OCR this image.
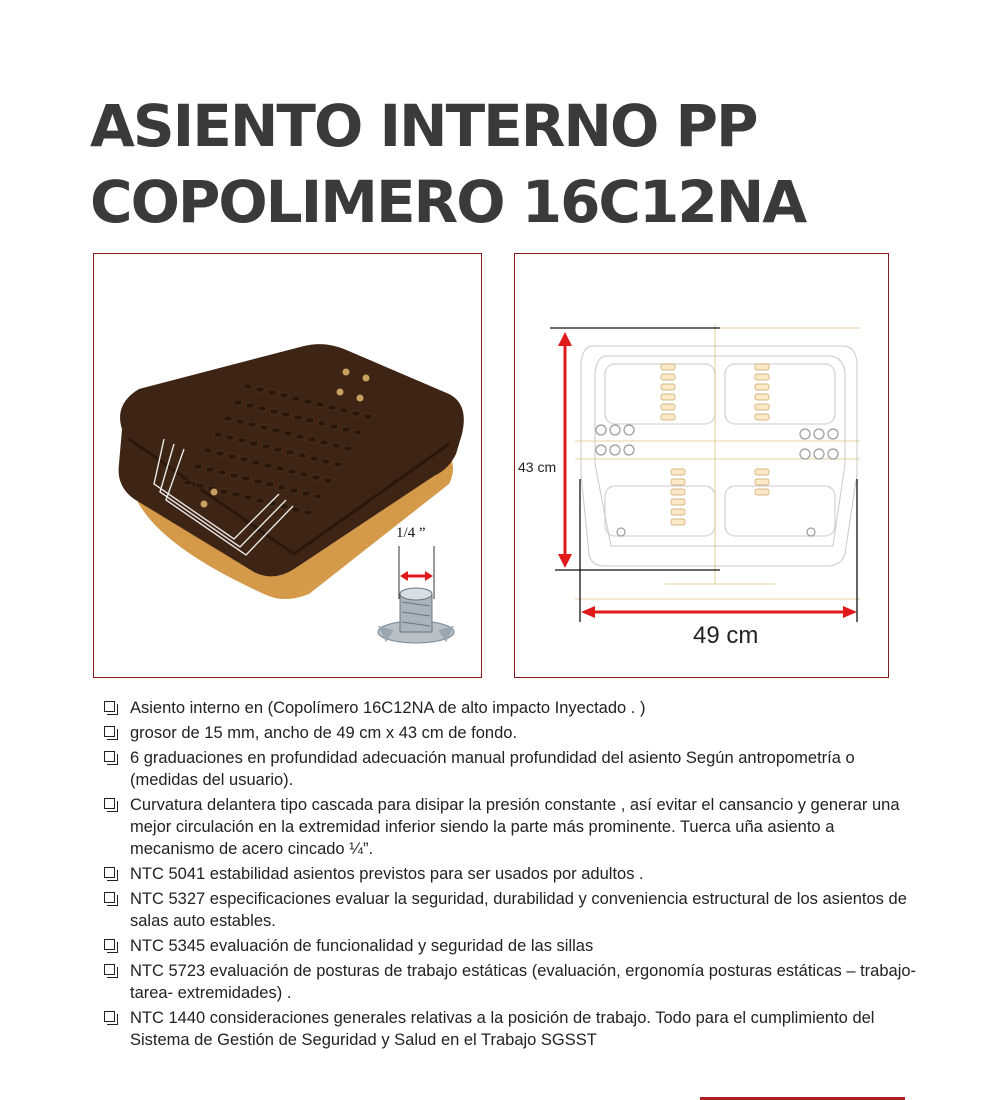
ASIENTO INTERNO PP
COPOLIMERO 16C12NA
1/4 ”
43 cm
49 cm
Asiento interno en (Copolímero 16C12NA de alto impacto Inyectado . )
grosor de 15 mm, ancho de 49 cm x 43 cm de fondo.
6 graduaciones en profundidad adecuación manual profundidad del asiento Según antropometría o (medidas del usuario).
Curvatura delantera tipo cascada para disipar la presión constante , así evitar el cansancio y generar una mejor circulación en la extremidad inferior siendo la parte más prominente. Tuerca uña asiento a mecanismo de acero cincado ¼”.
NTC 5041 estabilidad asientos previstos para ser usados por adultos .
NTC 5327 especificaciones evaluar la seguridad, durabilidad y conveniencia estructural de los asientos de salas auto estables.
NTC 5345 evaluación de funcionalidad y seguridad de las sillas
NTC 5723 evaluación de posturas de trabajo estáticas (evaluación, ergonomía posturas estáticas – trabajo- tarea- extremidades) .
NTC 1440 consideraciones generales relativas a la posición de trabajo. Todo para el cumplimiento del Sistema de Gestión de Seguridad y Salud en el Trabajo SGSST
